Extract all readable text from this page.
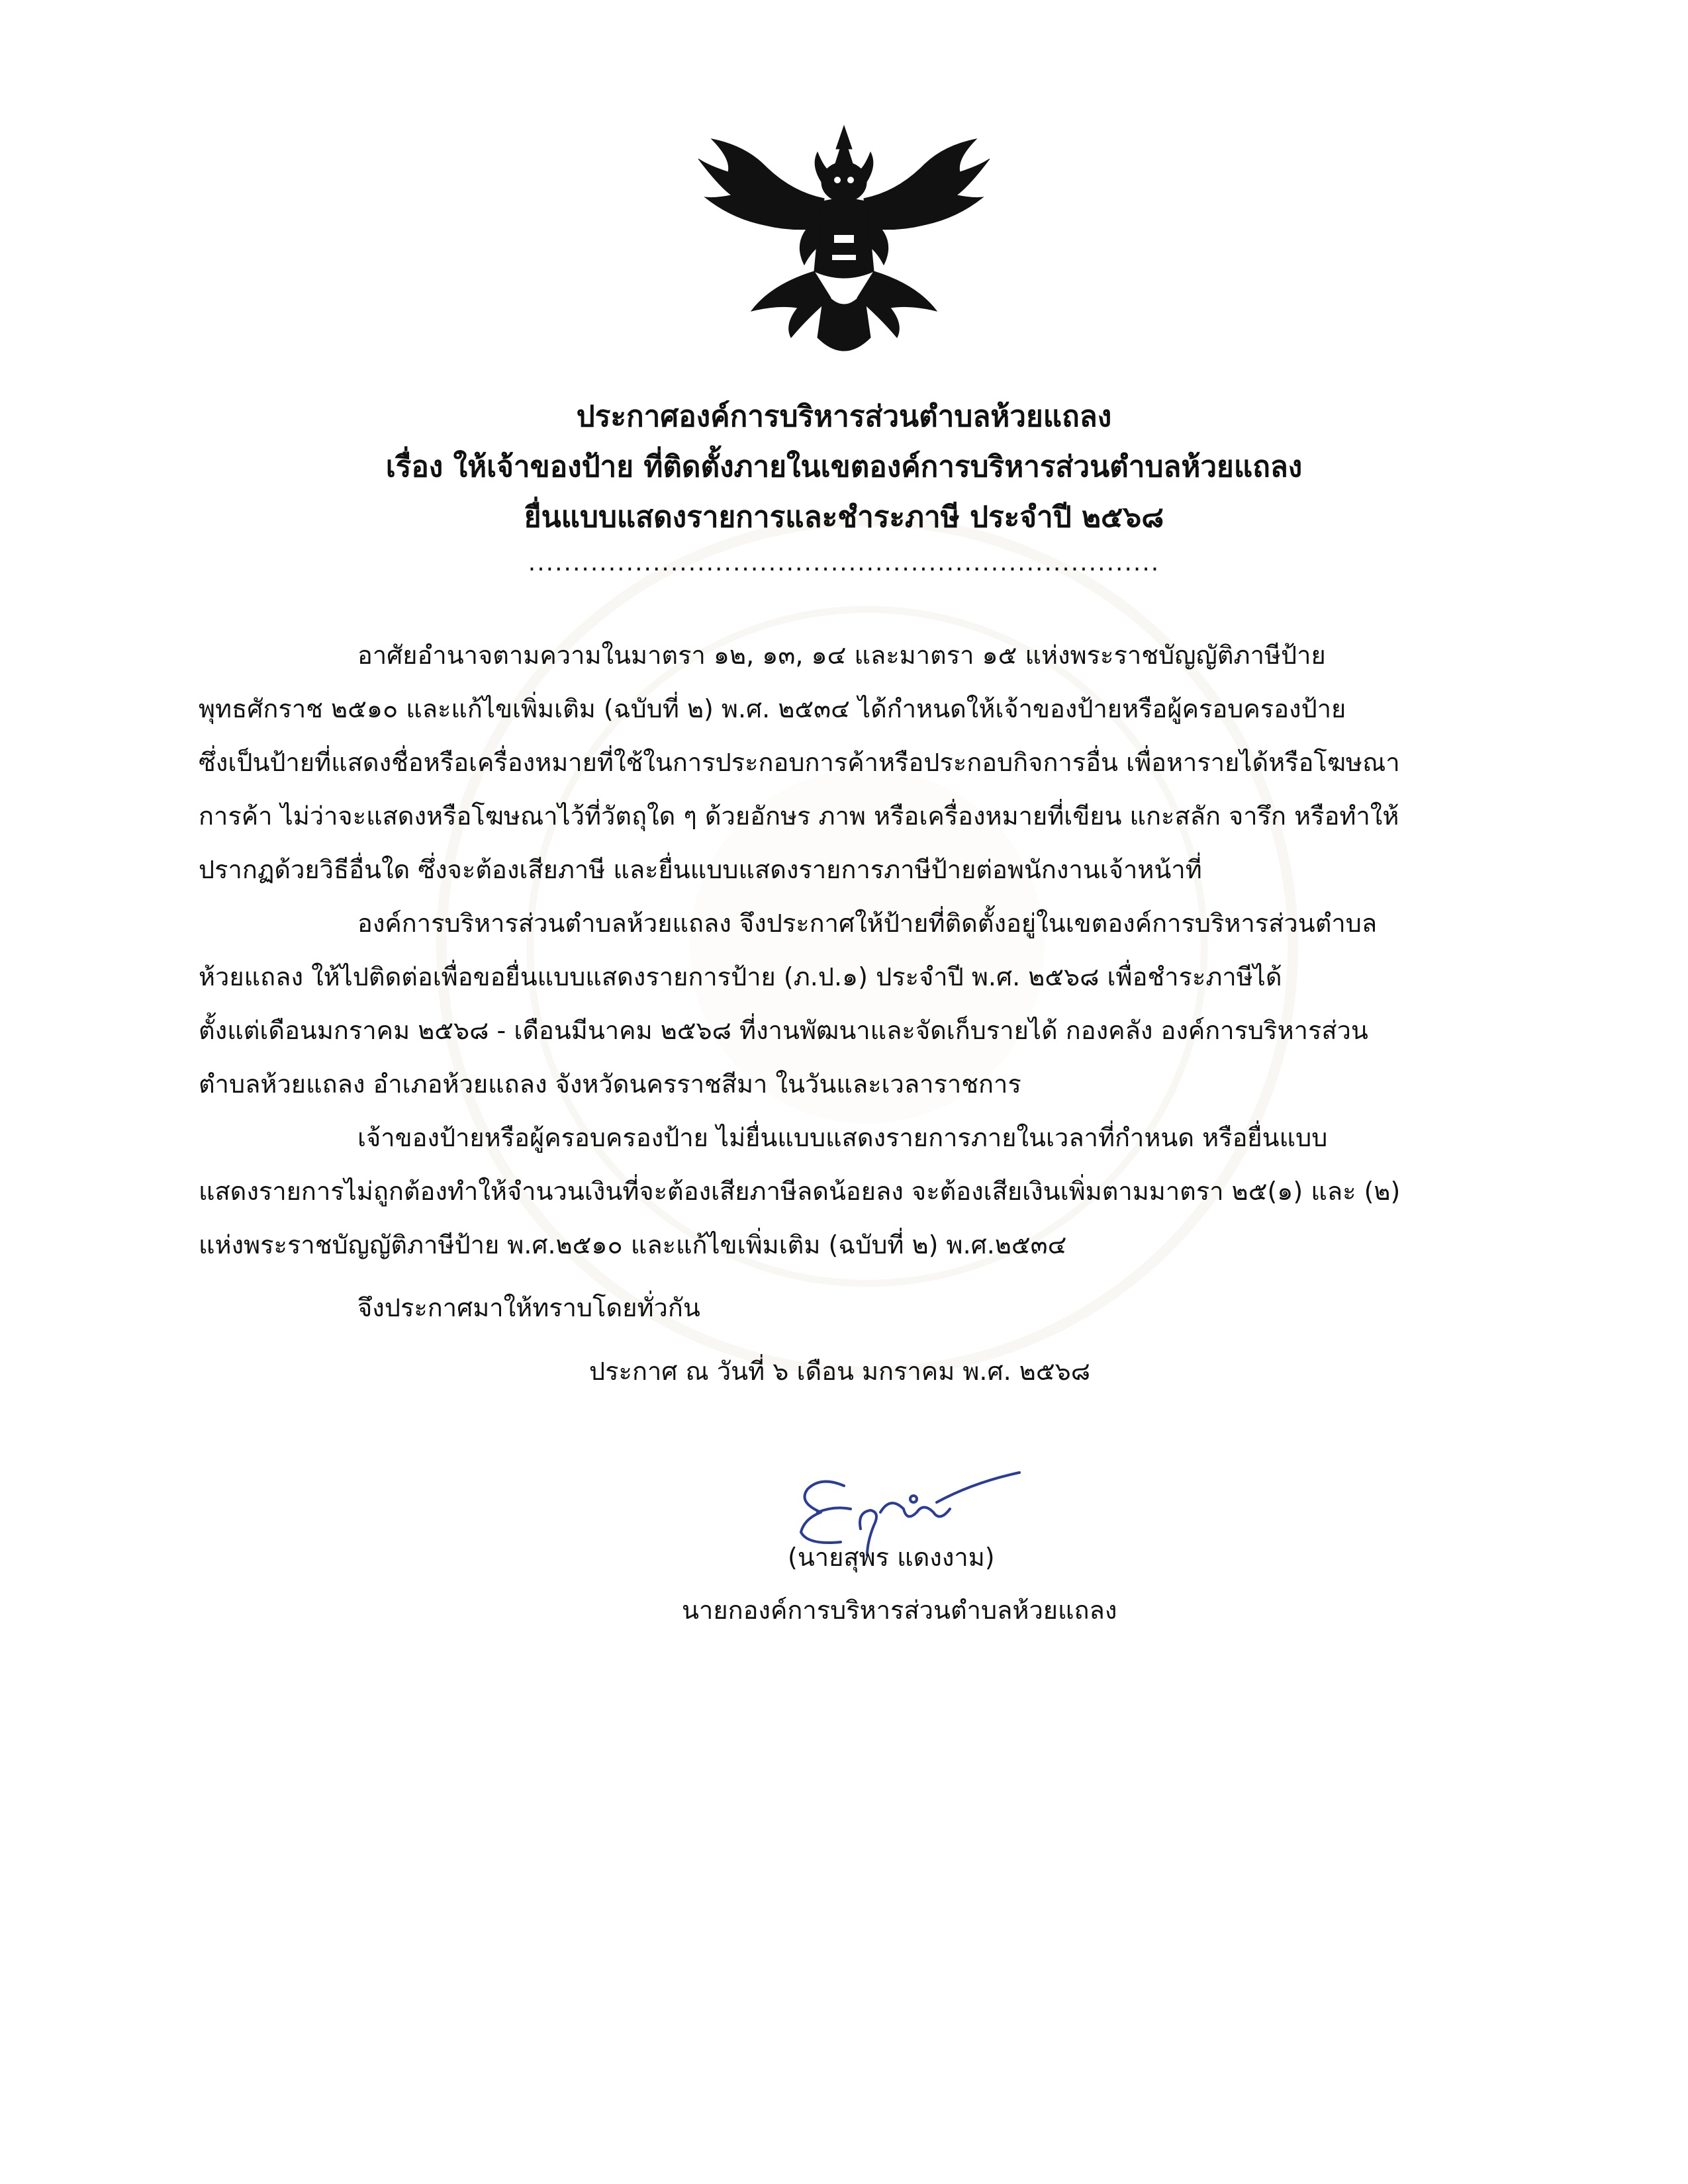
ประกาศองค์การบริหารส่วนตำบลห้วยแถลง
เรื่อง ให้เจ้าของป้าย ที่ติดตั้งภายในเขตองค์การบริหารส่วนตำบลห้วยแถลง
ยื่นแบบแสดงรายการและชำระภาษี ประจำปี ๒๕๖๘
.......................................................................
อาศัยอำนาจตามความในมาตรา ๑๒, ๑๓, ๑๔ และมาตรา ๑๕ แห่งพระราชบัญญัติภาษีป้าย
พุทธศักราช ๒๕๑๐ และแก้ไขเพิ่มเติม (ฉบับที่ ๒) พ.ศ. ๒๕๓๔ ได้กำหนดให้เจ้าของป้ายหรือผู้ครอบครองป้าย
ซึ่งเป็นป้ายที่แสดงชื่อหรือเครื่องหมายที่ใช้ในการประกอบการค้าหรือประกอบกิจการอื่น เพื่อหารายได้หรือโฆษณา
การค้า ไม่ว่าจะแสดงหรือโฆษณาไว้ที่วัตถุใด ๆ ด้วยอักษร ภาพ หรือเครื่องหมายที่เขียน แกะสลัก จารึก หรือทำให้
ปรากฏด้วยวิธีอื่นใด ซึ่งจะต้องเสียภาษี และยื่นแบบแสดงรายการภาษีป้ายต่อพนักงานเจ้าหน้าที่
องค์การบริหารส่วนตำบลห้วยแถลง จึงประกาศให้ป้ายที่ติดตั้งอยู่ในเขตองค์การบริหารส่วนตำบล
ห้วยแถลง ให้ไปติดต่อเพื่อขอยื่นแบบแสดงรายการป้าย (ภ.ป.๑) ประจำปี พ.ศ. ๒๕๖๘ เพื่อชำระภาษีได้
ตั้งแต่เดือนมกราคม ๒๕๖๘ - เดือนมีนาคม ๒๕๖๘ ที่งานพัฒนาและจัดเก็บรายได้ กองคลัง องค์การบริหารส่วน
ตำบลห้วยแถลง อำเภอห้วยแถลง จังหวัดนครราชสีมา ในวันและเวลาราชการ
เจ้าของป้ายหรือผู้ครอบครองป้าย ไม่ยื่นแบบแสดงรายการภายในเวลาที่กำหนด หรือยื่นแบบ
แสดงรายการไม่ถูกต้องทำให้จำนวนเงินที่จะต้องเสียภาษีลดน้อยลง จะต้องเสียเงินเพิ่มตามมาตรา ๒๕(๑) และ (๒)
แห่งพระราชบัญญัติภาษีป้าย พ.ศ.๒๕๑๐ และแก้ไขเพิ่มเติม (ฉบับที่ ๒) พ.ศ.๒๕๓๔
จึงประกาศมาให้ทราบโดยทั่วกัน
ประกาศ ณ วันที่ ๖ เดือน มกราคม พ.ศ. ๒๕๖๘
(นายสุพร แดงงาม)
นายกองค์การบริหารส่วนตำบลห้วยแถลง
